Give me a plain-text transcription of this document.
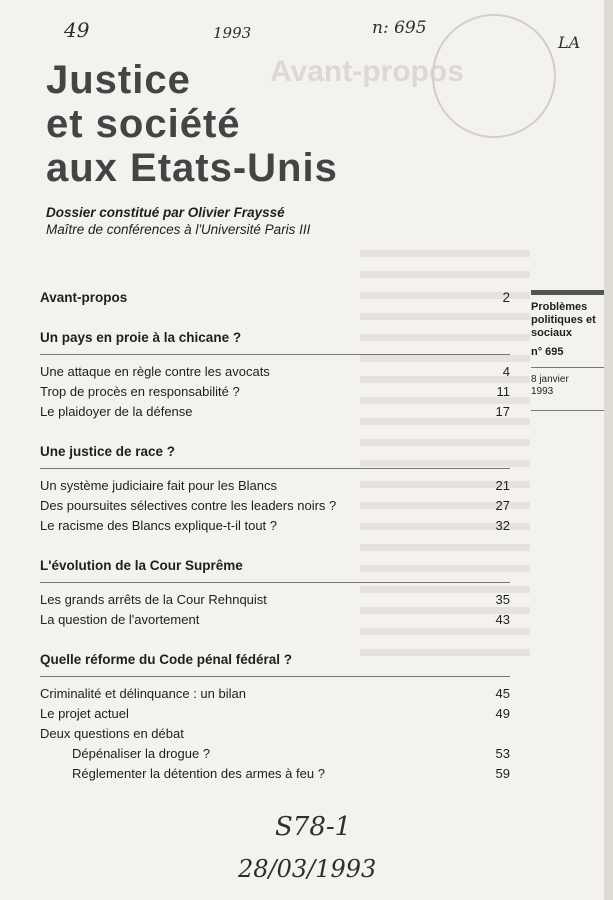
Avant-propos
49	1993	n: 695
LA
S78-1
28/03/1993
Justice
et société
aux Etats-Unis
Dossier constitué par Olivier Frayssé
Maître de conférences à l'Université Paris III
Avant-propos	2
Un pays en proie à la chicane ?
Une attaque en règle contre les avocats	4
Trop de procès en responsabilité ?	11
Le plaidoyer de la défense	17
Une justice de race ?
Un système judiciaire fait pour les Blancs	21
Des poursuites sélectives contre les leaders noirs ?	27
Le racisme des Blancs explique-t-il tout ?	32
L'évolution de la Cour Suprême
Les grands arrêts de la Cour Rehnquist	35
La question de l'avortement	43
Quelle réforme du Code pénal fédéral ?
Criminalité et délinquance : un bilan	45
Le projet actuel	49
Deux questions en débat
Dépénaliser la drogue ?	53
Réglementer la détention des armes à feu ?	59
Problèmes politiques et sociaux
n° 695
8 janvier
1993
